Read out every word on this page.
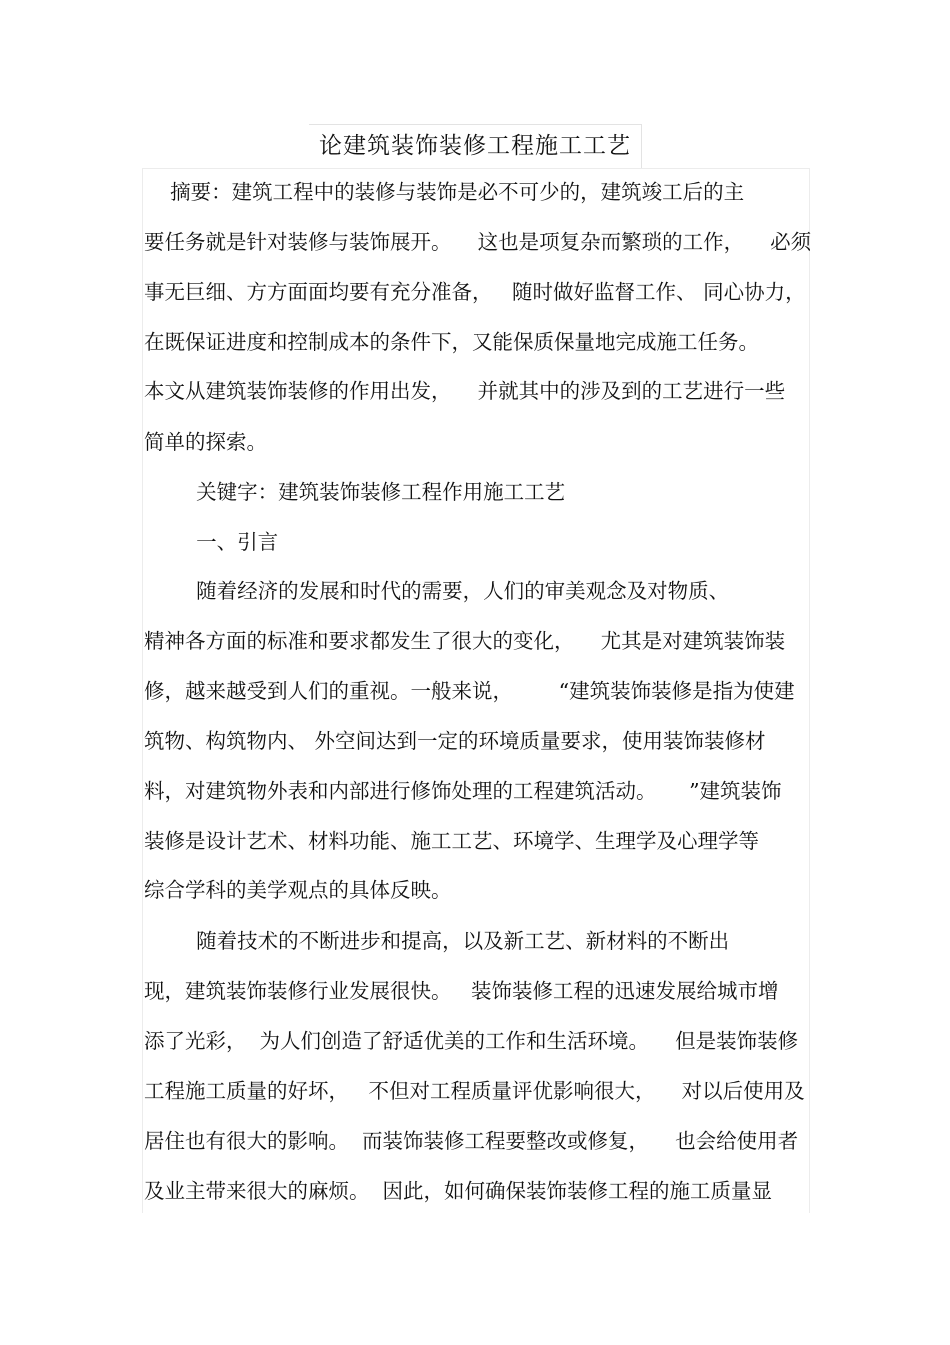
论建筑装饰装修工程施工工艺
摘要：建筑工程中的装修与装饰是必不可少的，建筑竣工后的主
要任务就是针对装修与装饰展开。    这也是项复杂而繁琐的工作，    必须
事无巨细、方方面面均要有充分准备，   随时做好监督工作、 同心协力，
在既保证进度和控制成本的条件下，又能保质保量地完成施工任务。
本文从建筑装饰装修的作用出发，    并就其中的涉及到的工艺进行一些
简单的探索。
关键字：建筑装饰装修工程作用施工工艺
一、引言
随着经济的发展和时代的需要，人们的审美观念及对物质、
精神各方面的标准和要求都发生了很大的变化，    尤其是对建筑装饰装
修，越来越受到人们的重视。一般来说，       “建筑装饰装修是指为使建
筑物、构筑物内、 外空间达到一定的环境质量要求，使用装饰装修材
料，对建筑物外表和内部进行修饰处理的工程建筑活动。     ”建筑装饰
装修是设计艺术、材料功能、施工工艺、环境学、生理学及心理学等
综合学科的美学观点的具体反映。
随着技术的不断进步和提高，以及新工艺、新材料的不断出
现，建筑装饰装修行业发展很快。   装饰装修工程的迅速发展给城市增
添了光彩，  为人们创造了舒适优美的工作和生活环境。    但是装饰装修
工程施工质量的好坏，   不但对工程质量评优影响很大，    对以后使用及
居住也有很大的影响。  而装饰装修工程要整改或修复，    也会给使用者
及业主带来很大的麻烦。  因此，如何确保装饰装修工程的施工质量显
